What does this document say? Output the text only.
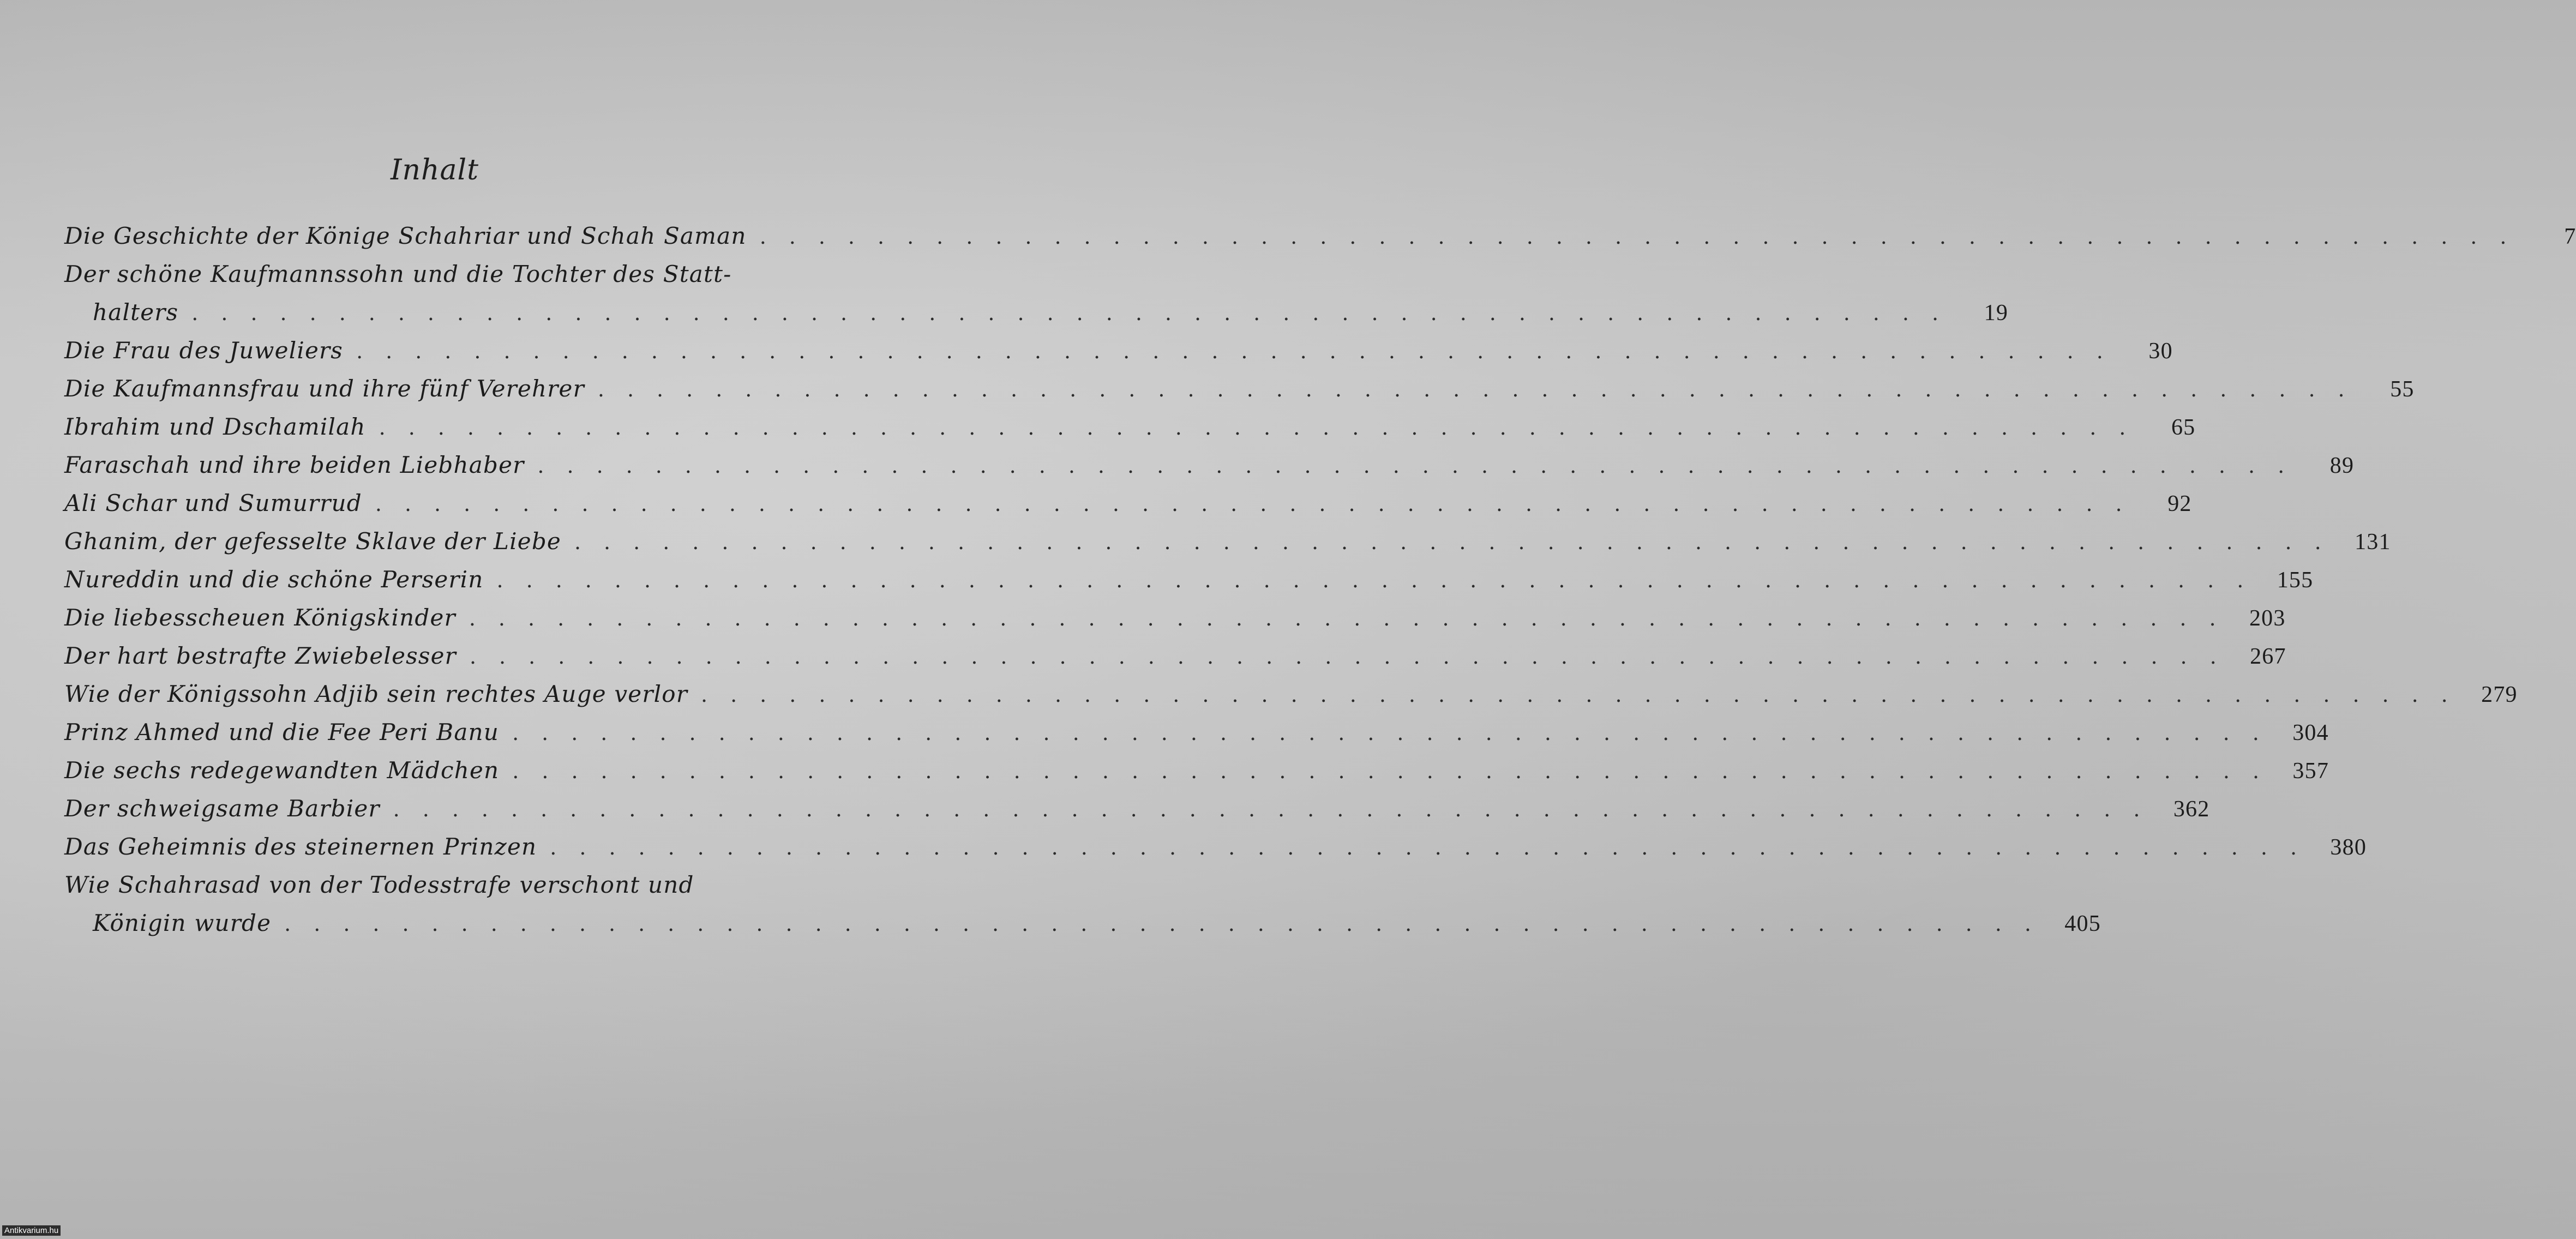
Inhalt
Die Geschichte der Könige Schahriar und Schah Saman ............................................................	7
Der schöne Kaufmannssohn und die Tochter des Statt-
halters ............................................................ 19
Die Frau des Juweliers ............................................................ 30
Die Kaufmannsfrau und ihre fünf Verehrer ............................................................ 55
Ibrahim und Dschamilah ............................................................ 65
Faraschah und ihre beiden Liebhaber ............................................................ 89
Ali Schar und Sumurrud ............................................................ 92
Ghanim, der gefesselte Sklave der Liebe ............................................................ 131
Nureddin und die schöne Perserin ............................................................ 155
Die liebesscheuen Königskinder ............................................................ 203
Der hart bestrafte Zwiebelesser ............................................................ 267
Wie der Königssohn Adjib sein rechtes Auge verlor ............................................................ 279
Prinz Ahmed und die Fee Peri Banu ............................................................ 304
Die sechs redegewandten Mädchen ............................................................ 357
Der schweigsame Barbier ............................................................ 362
Das Geheimnis des steinernen Prinzen ............................................................ 380
Wie Schahrasad von der Todesstrafe verschont und
Königin wurde ............................................................ 405
Antikvarium.hu
